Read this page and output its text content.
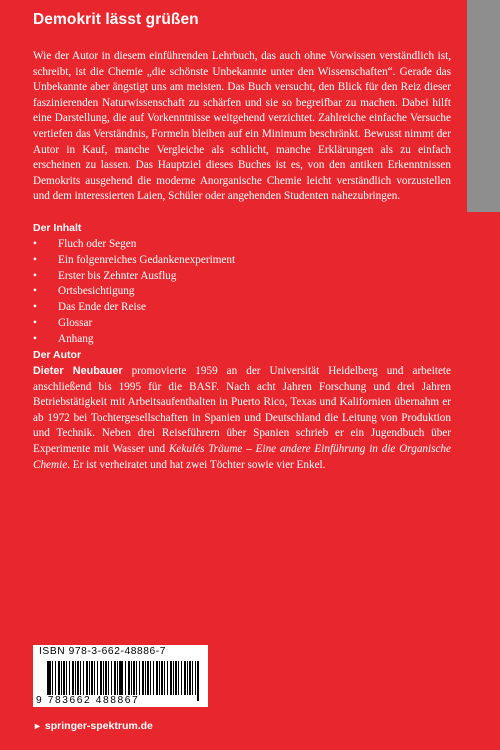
Demokrit lässt grüßen

Wie der Autor in diesem einführenden Lehrbuch, das auch ohne Vorwissen verständlich ist, schreibt, ist die Chemie „die schönste Unbekannte unter den Wissenschaften“. Gerade das Unbekannte aber ängstigt uns am meisten. Das Buch versucht, den Blick für den Reiz dieser faszinierenden Naturwissenschaft zu schärfen und sie so begreifbar zu machen. Dabei hilft eine Darstellung, die auf Vorkenntnisse weitgehend verzichtet. Zahlreiche einfache Versuche vertiefen das Verständnis, Formeln bleiben auf ein Minimum beschränkt. Bewusst nimmt der Autor in Kauf, manche Vergleiche als schlicht, manche Erklärungen als zu einfach erscheinen zu lassen. Das Hauptziel dieses Buches ist es, von den antiken Erkenntnissen Demokrits ausgehend die moderne Anorganische Chemie leicht verständlich vorzustellen und dem interessierten Laien, Schüler oder angehenden Studenten nahezubringen.

Der Inhalt
•	Fluch oder Segen
•	Ein folgenreiches Gedankenexperiment
•	Erster bis Zehnter Ausflug
•	Ortsbesichtigung
•	Das Ende der Reise
•	Glossar
•	Anhang
Der Autor

Dieter Neubauer promovierte 1959 an der Universität Heidelberg und arbeitete anschließend bis 1995 für die BASF. Nach acht Jahren Forschung und drei Jahren Betriebstätigkeit mit Arbeitsaufenthalten in Puerto Rico, Texas und Kalifornien übernahm er ab 1972 bei Tochtergesellschaften in Spanien und Deutschland die Leitung von Produktion und Technik. Neben drei Reiseführern über Spanien schrieb er ein Jugendbuch über Experimente mit Wasser und Kekulés Träume – Eine andere Einführung in die Organische Chemie. Er ist verheiratet und hat zwei Töchter sowie vier Enkel.

ISBN 978-3-662-48886-7
9 783662 488867
► springer-spektrum.de
